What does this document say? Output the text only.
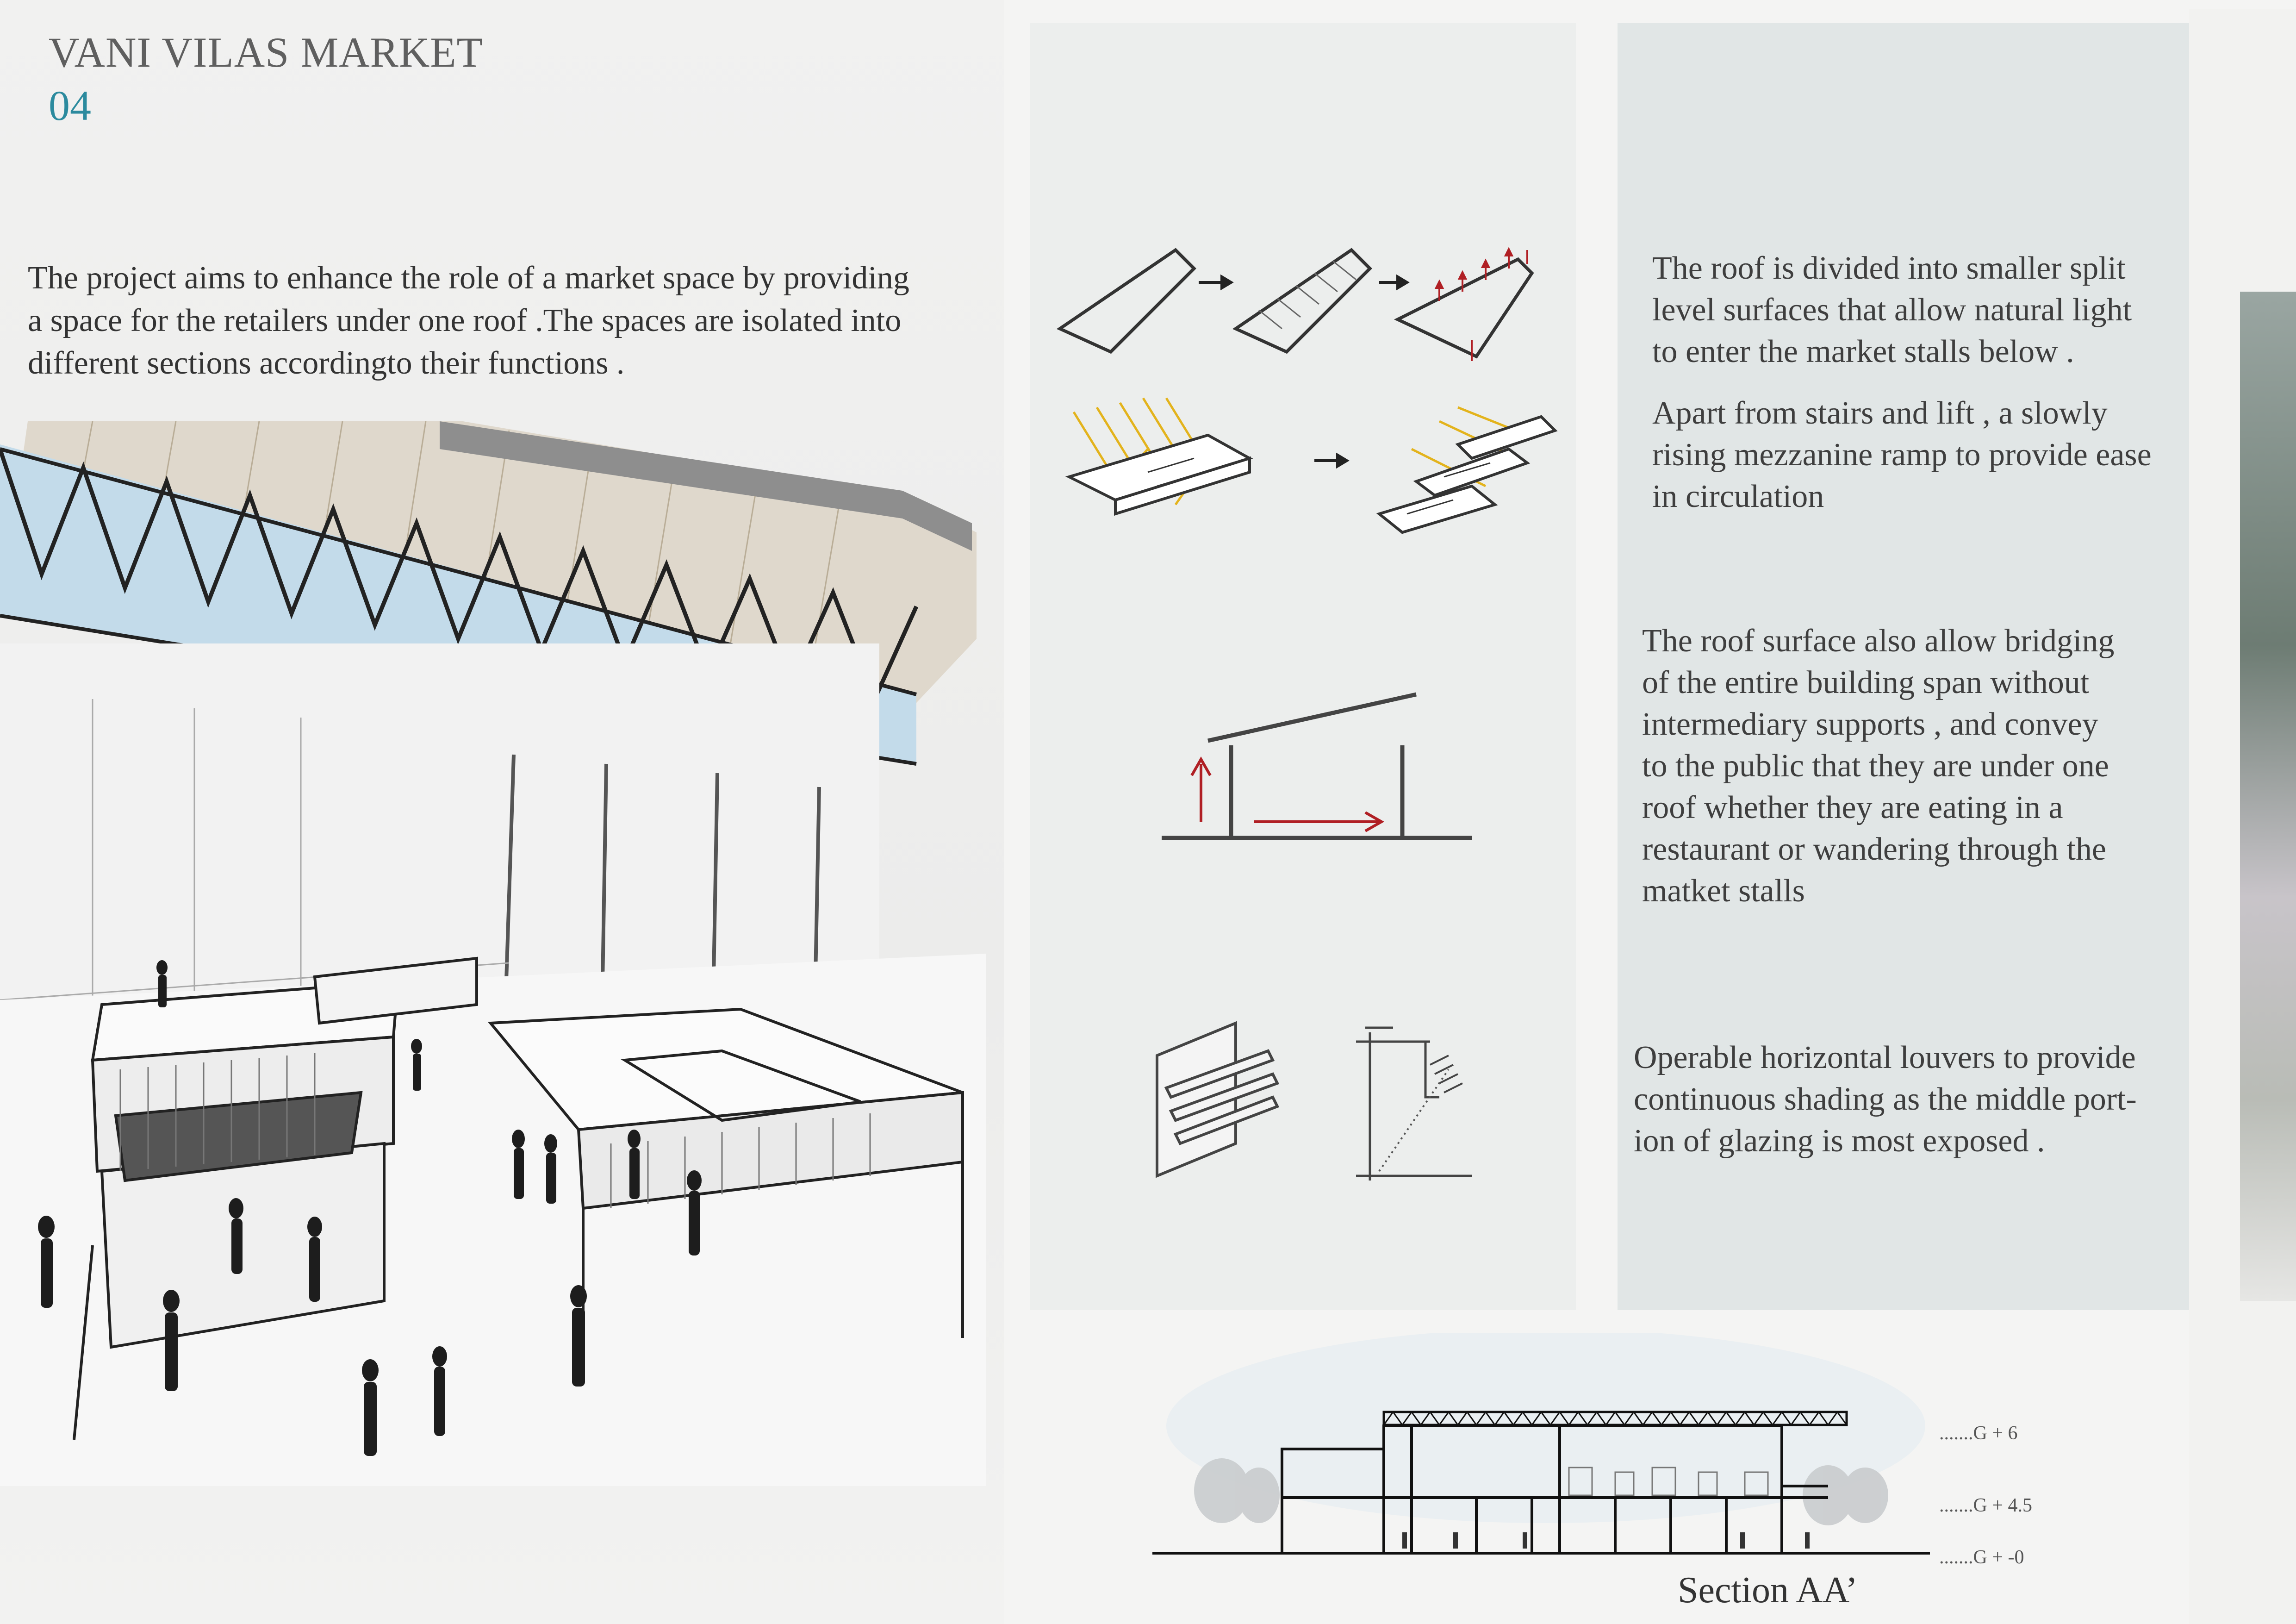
VANI VILAS MARKET
04
The project aims to enhance the role of a market space by providing
a space for the retailers under one roof .The spaces are isolated into
different sections accordingto their functions .
The roof is divided into smaller split
level surfaces that allow natural light
to enter the market stalls below .
Apart from stairs and lift , a slowly
rising mezzanine ramp to provide ease
in circulation
The roof surface also allow bridging
of the entire building span without
intermediary supports , and convey
to the public that they are under one
roof whether they are eating in a
restaurant or wandering through the
matket stalls
Operable horizontal louvers to provide
continuous shading as the middle port-
ion of glazing is most exposed .
.......G + 6
.......G + 4.5
.......G + -0
Section AA’
